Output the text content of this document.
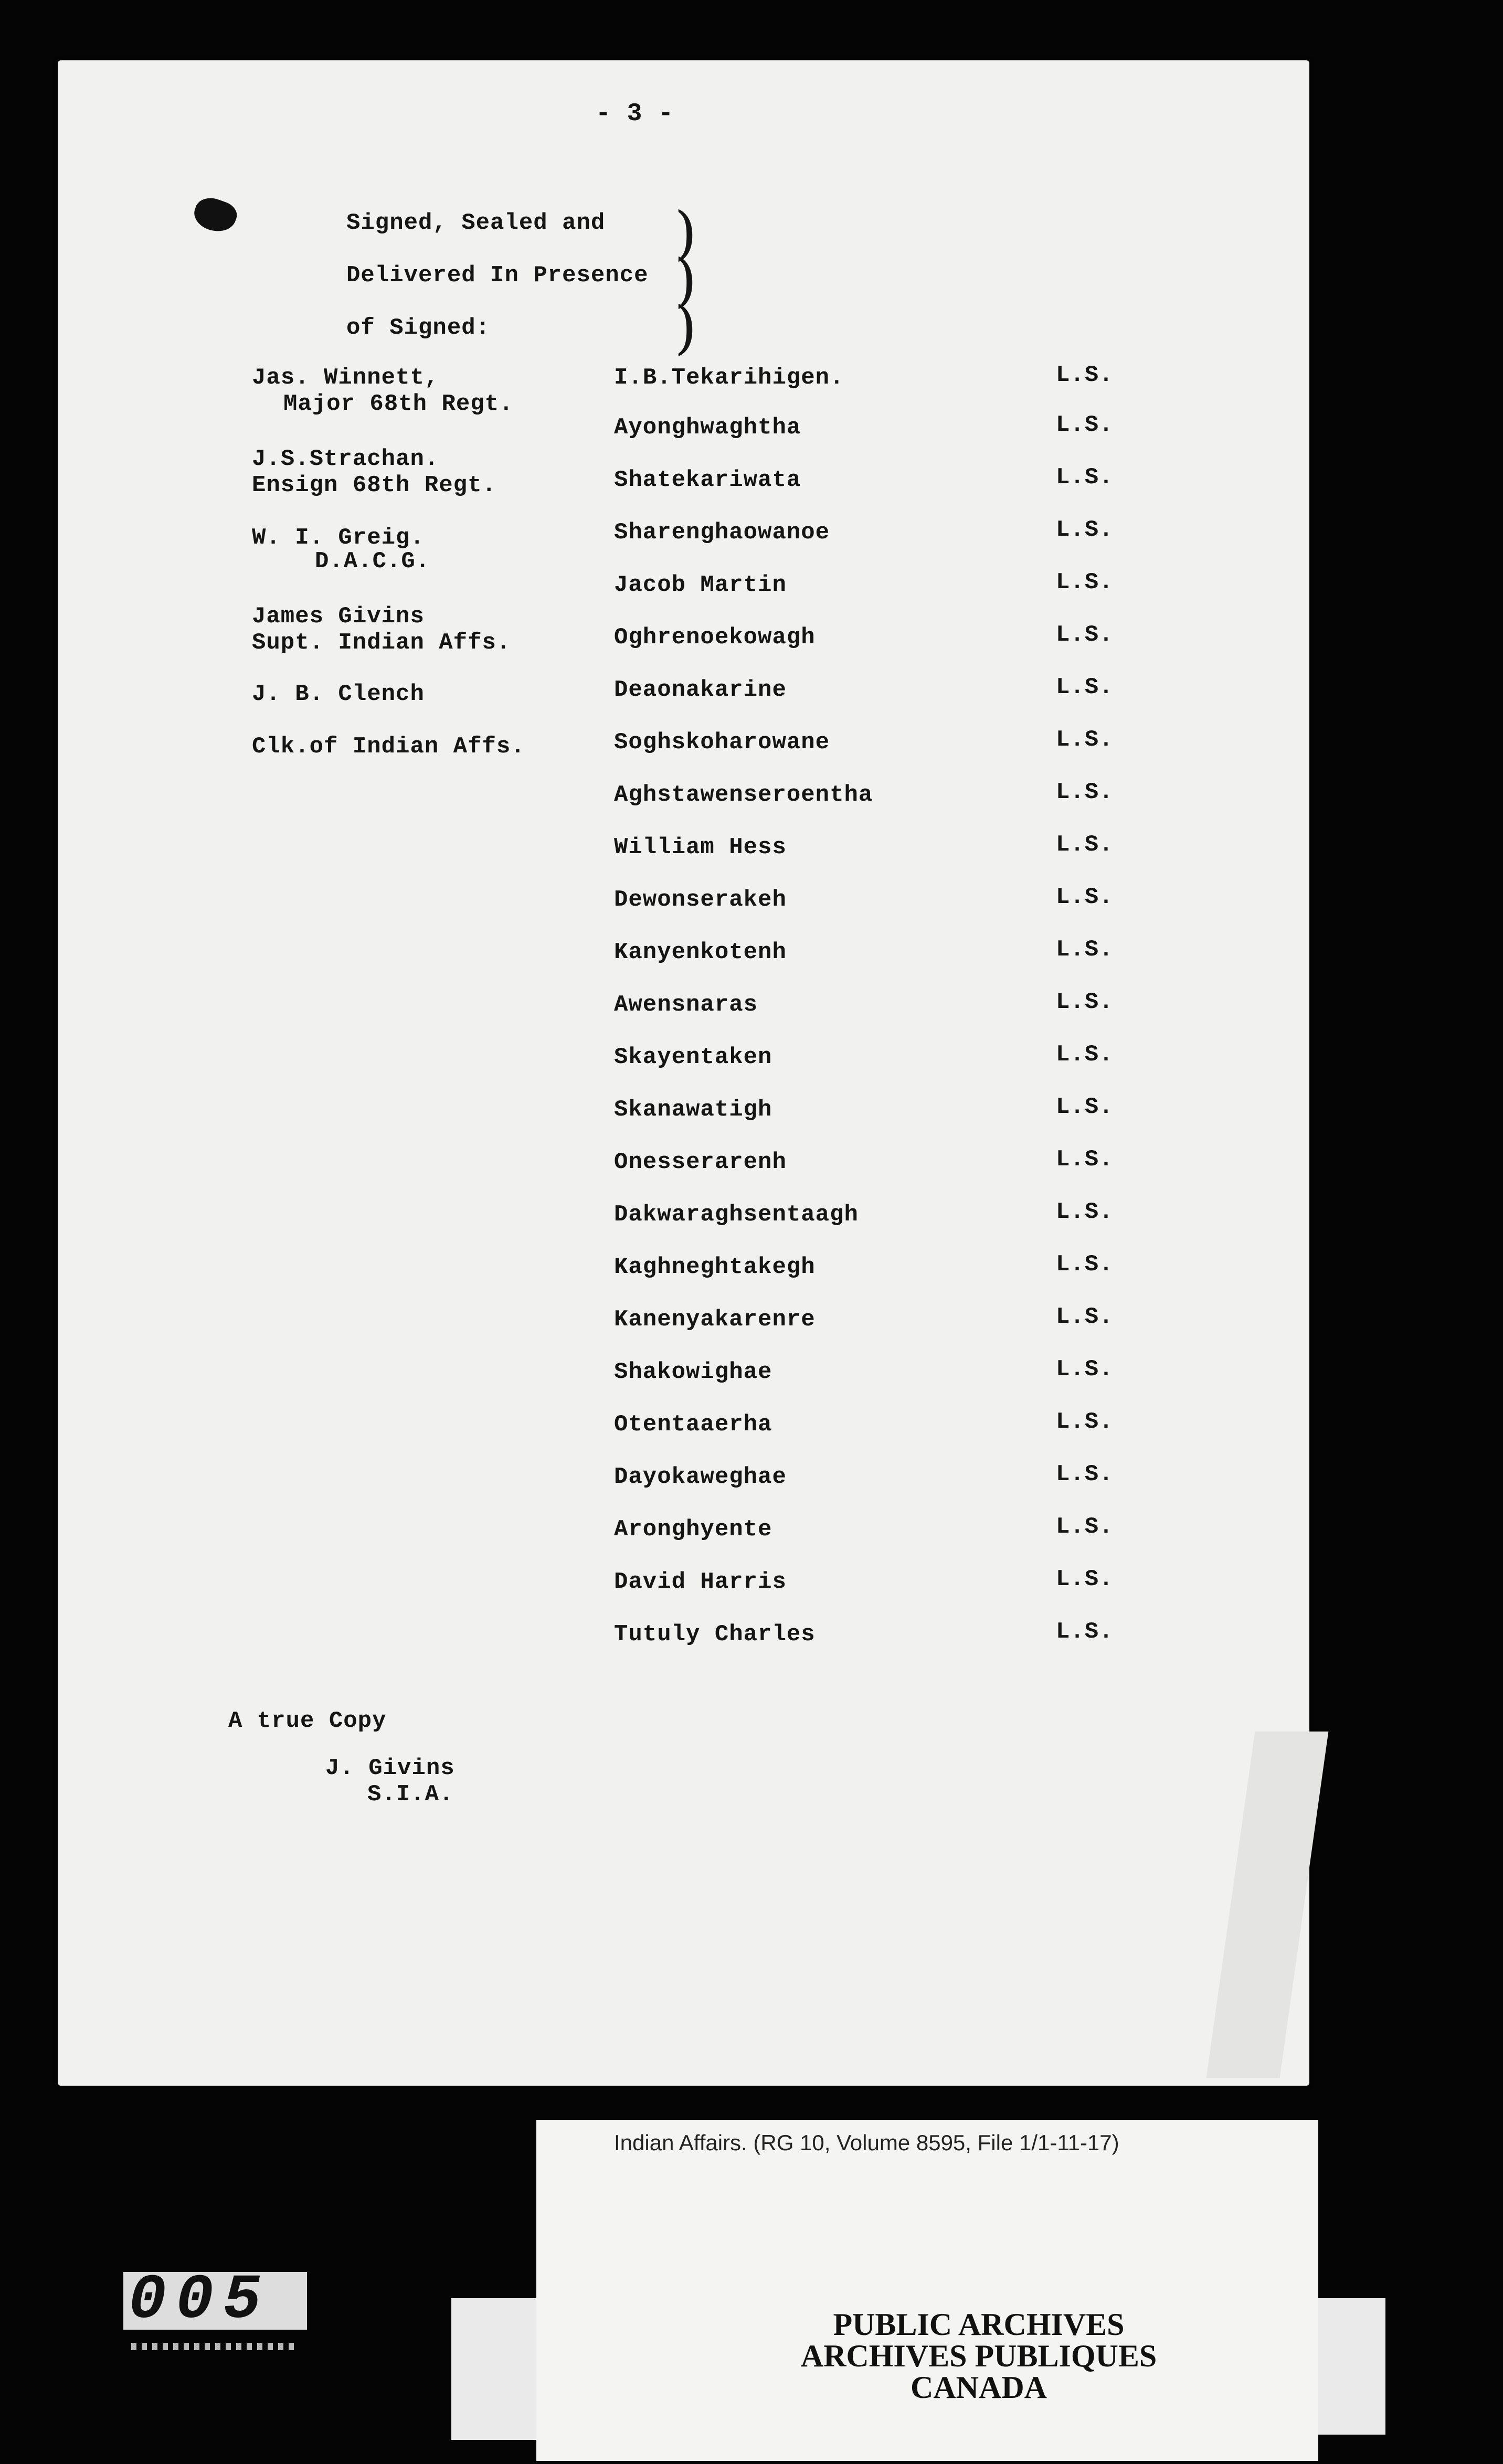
- 3 -
Signed, Sealed and
Delivered In Presence
of Signed:
)
)
)
Jas. Winnett,
Major 68th Regt.
J.S.Strachan.
Ensign 68th Regt.
W. I. Greig.
D.A.C.G.
James Givins
Supt. Indian Affs.
J. B. Clench
Clk.of Indian Affs.
I.B.Tekarihigen.
Ayonghwaghtha
Shatekariwata
Sharenghaowanoe
Jacob Martin
Oghrenoekowagh
Deaonakarine
Soghskoharowane
Aghstawenseroentha
William Hess
Dewonserakeh
Kanyenkotenh
Awensnaras
Skayentaken
Skanawatigh
Onesserarenh
Dakwaraghsentaagh
Kaghneghtakegh
Kanenyakarenre
Shakowighae
Otentaaerha
Dayokaweghae
Aronghyente
David Harris
Tutuly Charles
L.S.
L.S.
L.S.
L.S.
L.S.
L.S.
L.S.
L.S.
L.S.
L.S.
L.S.
L.S.
L.S.
L.S.
L.S.
L.S.
L.S.
L.S.
L.S.
L.S.
L.S.
L.S.
L.S.
L.S.
L.S.
A true Copy
J. Givins
S.I.A.
Indian Affairs. (RG 10, Volume 8595, File 1/1-11-17)
PUBLIC ARCHIVES
ARCHIVES PUBLIQUES
CANADA
005
